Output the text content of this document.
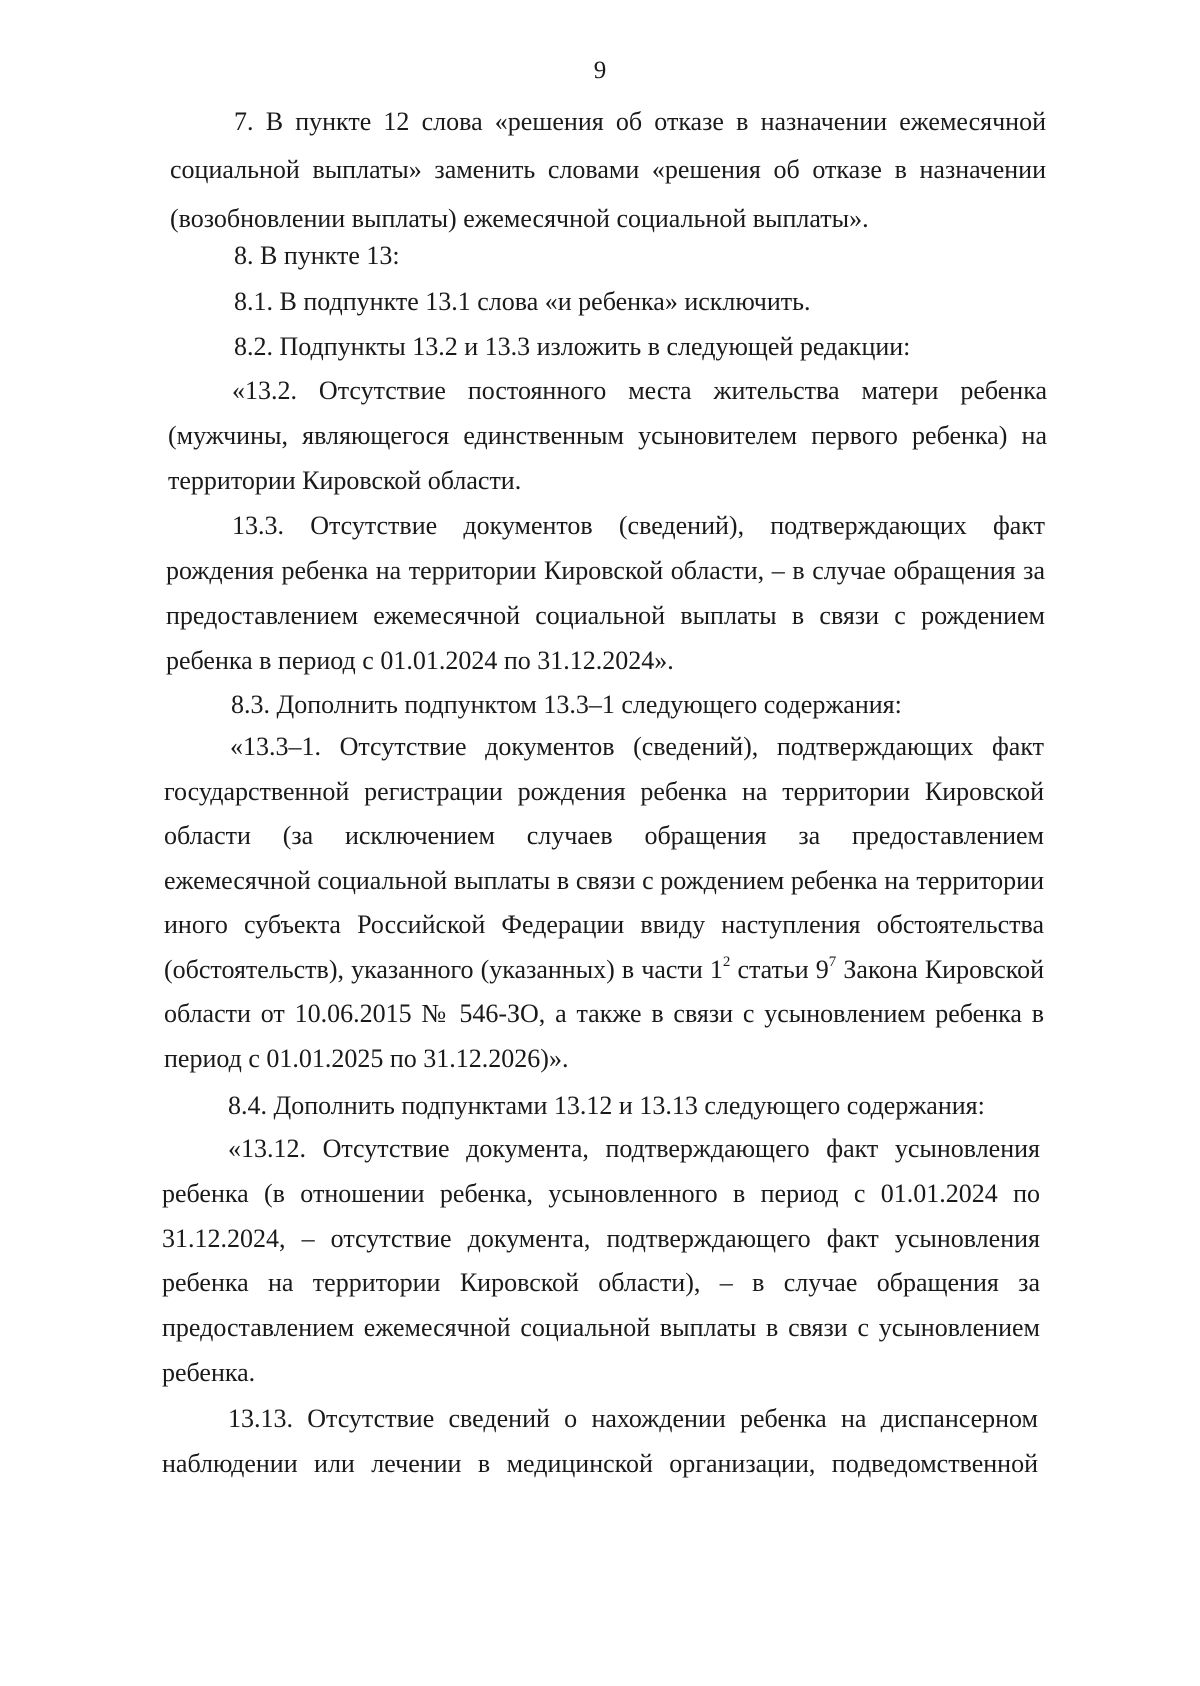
9

7. В пункте 12 слова «решения об отказе в назначении ежемесячной социальной выплаты» заменить словами «решения об отказе в назначении (возобновлении выплаты) ежемесячной социальной выплаты».

8. В пункте 13:

8.1. В подпункте 13.1 слова «и ребенка» исключить.

8.2. Подпункты 13.2 и 13.3 изложить в следующей редакции:

«13.2. Отсутствие постоянного места жительства матери ребенка (мужчины, являющегося единственным усыновителем первого ребенка) на территории Кировской области.

13.3. Отсутствие документов (сведений), подтверждающих факт рождения ребенка на территории Кировской области, – в случае обращения за предоставлением ежемесячной социальной выплаты в связи с рождением ребенка в период с 01.01.2024 по 31.12.2024».

8.3. Дополнить подпунктом 13.3–1 следующего содержания:

«13.3–1. Отсутствие документов (сведений), подтверждающих факт государственной регистрации рождения ребенка на территории Кировской области (за исключением случаев обращения за предоставлением ежемесячной социальной выплаты в связи с рождением ребенка на территории иного субъекта Российской Федерации ввиду наступления обстоятельства (обстоятельств), указанного (указанных) в части $1^2$ статьи $9^7$ Закона Кировской области от 10.06.2015 № 546-ЗО, а также в связи с усыновлением ребенка в период с 01.01.2025 по 31.12.2026)».

8.4. Дополнить подпунктами 13.12 и 13.13 следующего содержания:

«13.12. Отсутствие документа, подтверждающего факт усыновления ребенка (в отношении ребенка, усыновленного в период с 01.01.2024 по 31.12.2024, – отсутствие документа, подтверждающего факт усыновления ребенка на территории Кировской области), – в случае обращения за предоставлением ежемесячной социальной выплаты в связи с усыновлением ребенка.

13.13. Отсутствие сведений о нахождении ребенка на диспансерном наблюдении или лечении в медицинской организации, подведомственной
